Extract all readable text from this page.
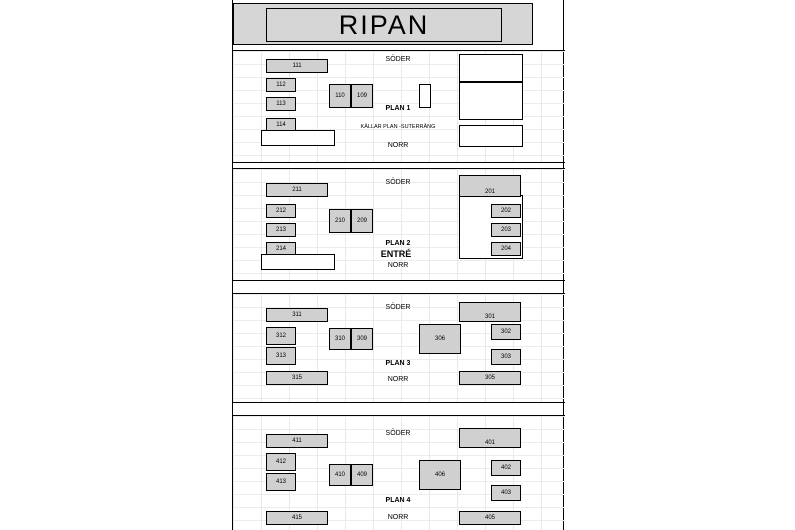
RIPAN
111
112
113
114
110	109
SÖDER
PLAN 1
KÄLLAR PLAN -SUTERRÄNG
NORR
211
212
213
214
210	209
201
202
203
204
SÖDER
PLAN 2
ENTRÉ
NORR
311
312
313
315
310	309	306
301
302
303
305
SÖDER
PLAN 3
NORR
411
412
413
415
410	409	406
401
402
403
405
SÖDER
PLAN 4
NORR
